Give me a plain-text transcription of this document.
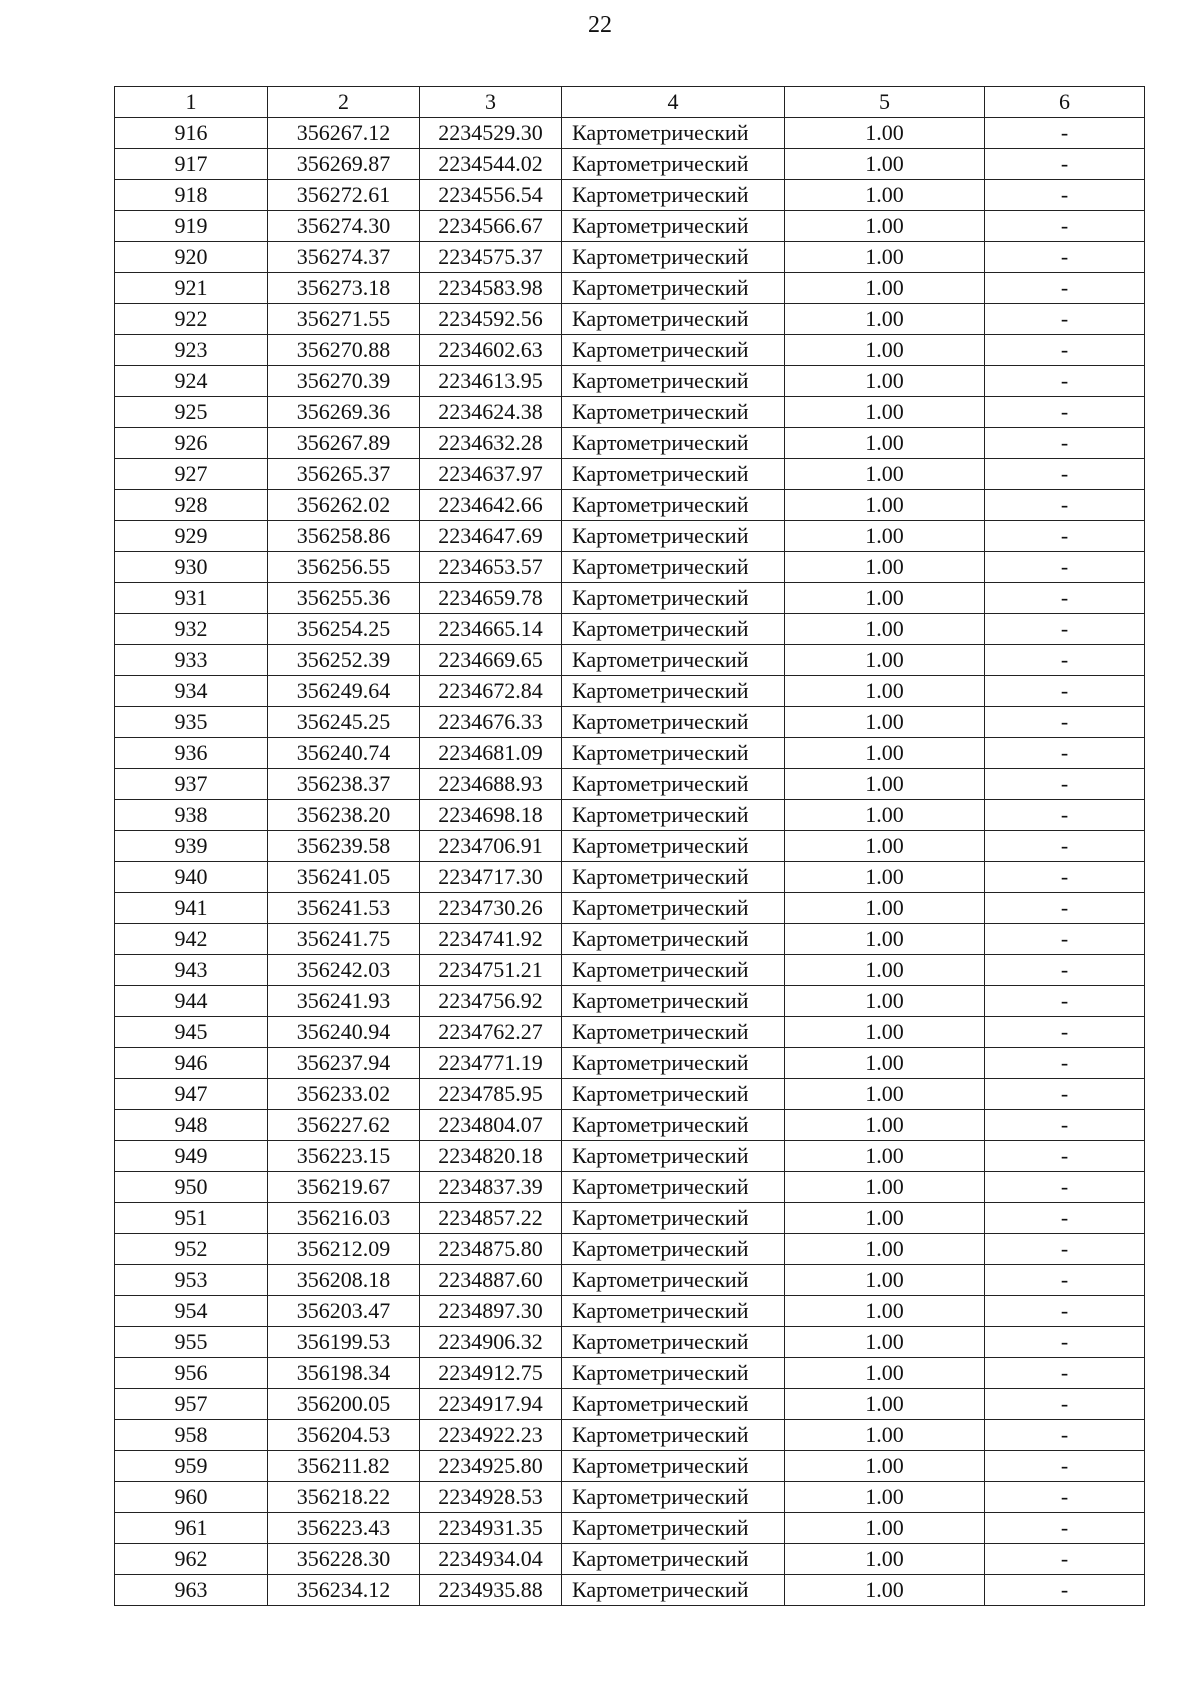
22
1	2	3	4	5	6
916	356267.12	2234529.30	Картометрический	1.00	-
917	356269.87	2234544.02	Картометрический	1.00	-
918	356272.61	2234556.54	Картометрический	1.00	-
919	356274.30	2234566.67	Картометрический	1.00	-
920	356274.37	2234575.37	Картометрический	1.00	-
921	356273.18	2234583.98	Картометрический	1.00	-
922	356271.55	2234592.56	Картометрический	1.00	-
923	356270.88	2234602.63	Картометрический	1.00	-
924	356270.39	2234613.95	Картометрический	1.00	-
925	356269.36	2234624.38	Картометрический	1.00	-
926	356267.89	2234632.28	Картометрический	1.00	-
927	356265.37	2234637.97	Картометрический	1.00	-
928	356262.02	2234642.66	Картометрический	1.00	-
929	356258.86	2234647.69	Картометрический	1.00	-
930	356256.55	2234653.57	Картометрический	1.00	-
931	356255.36	2234659.78	Картометрический	1.00	-
932	356254.25	2234665.14	Картометрический	1.00	-
933	356252.39	2234669.65	Картометрический	1.00	-
934	356249.64	2234672.84	Картометрический	1.00	-
935	356245.25	2234676.33	Картометрический	1.00	-
936	356240.74	2234681.09	Картометрический	1.00	-
937	356238.37	2234688.93	Картометрический	1.00	-
938	356238.20	2234698.18	Картометрический	1.00	-
939	356239.58	2234706.91	Картометрический	1.00	-
940	356241.05	2234717.30	Картометрический	1.00	-
941	356241.53	2234730.26	Картометрический	1.00	-
942	356241.75	2234741.92	Картометрический	1.00	-
943	356242.03	2234751.21	Картометрический	1.00	-
944	356241.93	2234756.92	Картометрический	1.00	-
945	356240.94	2234762.27	Картометрический	1.00	-
946	356237.94	2234771.19	Картометрический	1.00	-
947	356233.02	2234785.95	Картометрический	1.00	-
948	356227.62	2234804.07	Картометрический	1.00	-
949	356223.15	2234820.18	Картометрический	1.00	-
950	356219.67	2234837.39	Картометрический	1.00	-
951	356216.03	2234857.22	Картометрический	1.00	-
952	356212.09	2234875.80	Картометрический	1.00	-
953	356208.18	2234887.60	Картометрический	1.00	-
954	356203.47	2234897.30	Картометрический	1.00	-
955	356199.53	2234906.32	Картометрический	1.00	-
956	356198.34	2234912.75	Картометрический	1.00	-
957	356200.05	2234917.94	Картометрический	1.00	-
958	356204.53	2234922.23	Картометрический	1.00	-
959	356211.82	2234925.80	Картометрический	1.00	-
960	356218.22	2234928.53	Картометрический	1.00	-
961	356223.43	2234931.35	Картометрический	1.00	-
962	356228.30	2234934.04	Картометрический	1.00	-
963	356234.12	2234935.88	Картометрический	1.00	-
